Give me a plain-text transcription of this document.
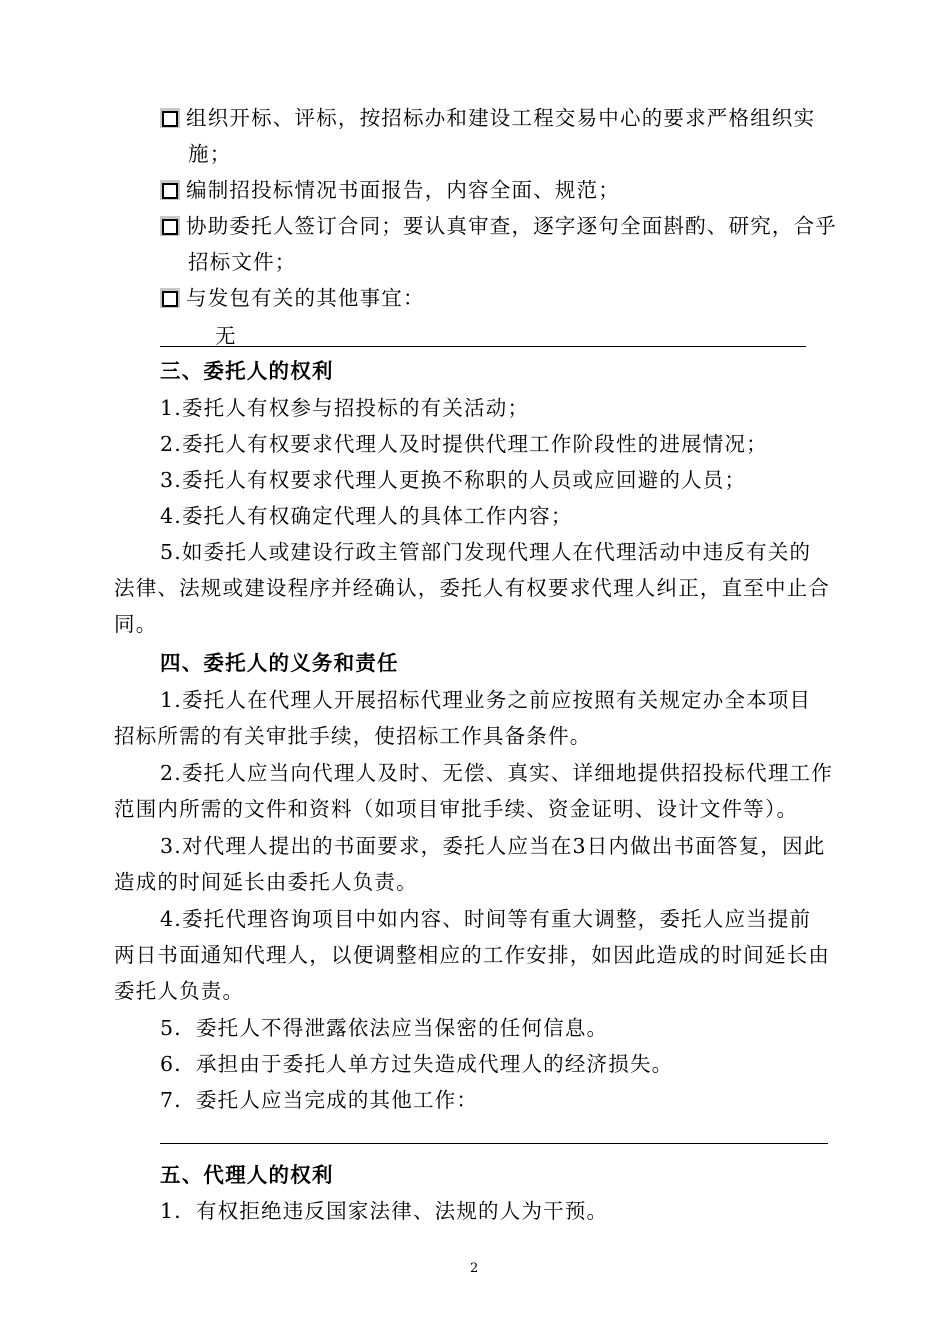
组织开标、评标，按招标办和建设工程交易中心的要求严格组织实
施；
编制招投标情况书面报告，内容全面、规范；
协助委托人签订合同；要认真审查，逐字逐句全面斟酌、研究，合乎
招标文件；
与发包有关的其他事宜：
无
三、委托人的权利
1.委托人有权参与招投标的有关活动；
2.委托人有权要求代理人及时提供代理工作阶段性的进展情况；
3.委托人有权要求代理人更换不称职的人员或应回避的人员；
4.委托人有权确定代理人的具体工作内容；
5.如委托人或建设行政主管部门发现代理人在代理活动中违反有关的
法律、法规或建设程序并经确认，委托人有权要求代理人纠正，直至中止合
同。
四、委托人的义务和责任
1.委托人在代理人开展招标代理业务之前应按照有关规定办全本项目
招标所需的有关审批手续，使招标工作具备条件。
2.委托人应当向代理人及时、无偿、真实、详细地提供招投标代理工作
范围内所需的文件和资料（如项目审批手续、资金证明、设计文件等）。
3.对代理人提出的书面要求，委托人应当在3日内做出书面答复，因此
造成的时间延长由委托人负责。
4.委托代理咨询项目中如内容、时间等有重大调整，委托人应当提前
两日书面通知代理人，以便调整相应的工作安排，如因此造成的时间延长由
委托人负责。
5．委托人不得泄露依法应当保密的任何信息。
6．承担由于委托人单方过失造成代理人的经济损失。
7．委托人应当完成的其他工作：
五、代理人的权利
1．有权拒绝违反国家法律、法规的人为干预。
2
